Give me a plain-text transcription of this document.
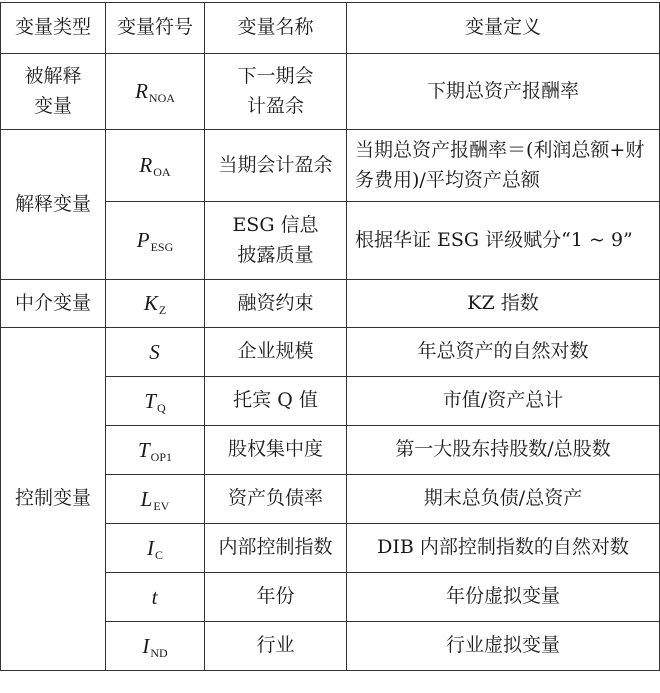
变量类型	变量符号	变量名称	变量定义
被解释变量	$R_{NOA}$	下一期会计盈余	下期总资产报酬率
解释变量	$R_{OA}$	当期会计盈余	当期总资产报酬率＝(利润总额+财务费用)/平均资产总额
	$P_{ESG}$	ESG 信息披露质量	根据华证 ESG 评级赋分“1 ~ 9”
中介变量	$K_Z$	融资约束	KZ 指数
控制变量	S	企业规模	年总资产的自然对数
	$T_Q$	托宾 Q 值	市值/资产总计
	$T_{OP1}$	股权集中度	第一大股东持股数/总股数
	$L_{EV}$	资产负债率	期末总负债/总资产
	$I_C$	内部控制指数	DIB 内部控制指数的自然对数
	t	年份	年份虚拟变量
	$I_{ND}$	行业	行业虚拟变量
